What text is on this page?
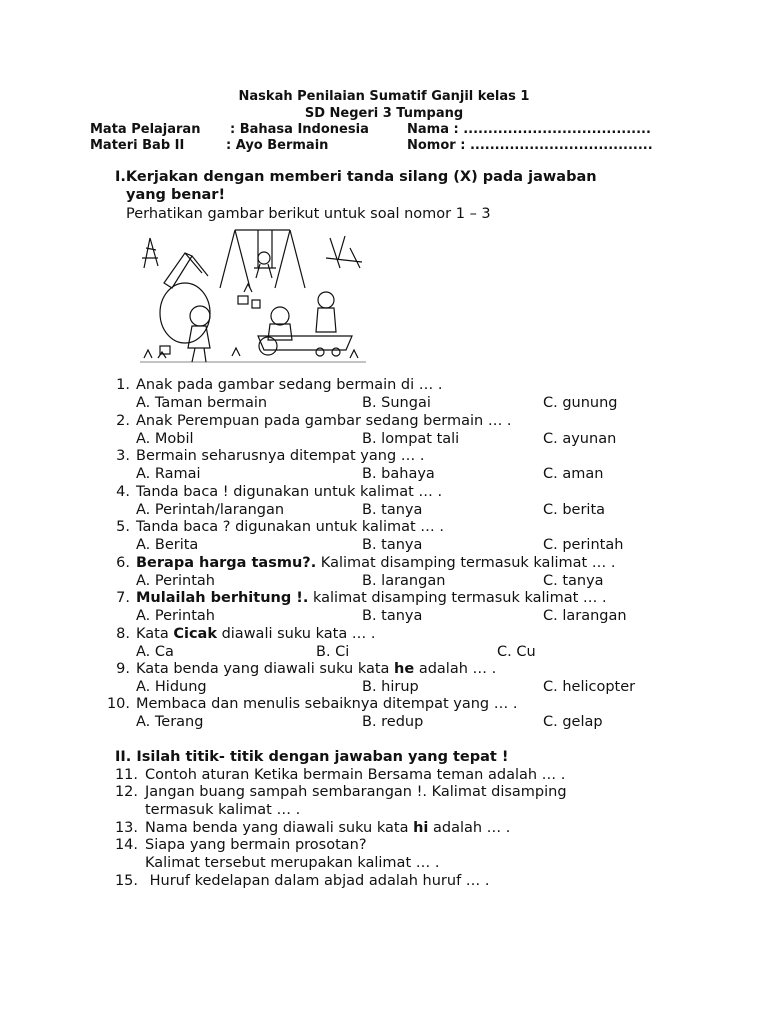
Naskah Penilaian Sumatif Ganjil kelas 1
SD Negeri 3 Tumpang
Mata Pelajaran : Bahasa Indonesia	Nama : ......................................
Materi Bab II	: Ayo Bermain	Nomor : .....................................
I.Kerjakan dengan memberi tanda silang (X) pada jawaban
yang benar!
Perhatikan gambar berikut untuk soal nomor 1 – 3
1. Anak pada gambar sedang bermain di … .
A. Taman bermain	B. Sungai	C. gunung
2. Anak Perempuan pada gambar sedang bermain … .
A. Mobil	B. lompat tali	C. ayunan
3. Bermain seharusnya ditempat yang … .
A. Ramai	B. bahaya	C. aman
4. Tanda baca ! digunakan untuk kalimat … .
A. Perintah/larangan	B. tanya	C. berita
5. Tanda baca ? digunakan untuk kalimat … .
A. Berita	B. tanya	C. perintah
6. Berapa harga tasmu?. Kalimat disamping termasuk kalimat … .
A. Perintah	B. larangan	C. tanya
7. Mulailah berhitung !. kalimat disamping termasuk kalimat … .
A. Perintah	B. tanya	C. larangan
8. Kata Cicak diawali suku kata … .
A. Ca	B. Ci	C. Cu
9. Kata benda yang diawali suku kata he adalah … .
A. Hidung	B. hirup	C. helicopter
10. Membaca dan menulis sebaiknya ditempat yang … .
A. Terang	B. redup	C. gelap
II. Isilah titik- titik dengan jawaban yang tepat !
11. Contoh aturan Ketika bermain Bersama teman adalah … .
12. Jangan buang sampah sembarangan !. Kalimat disamping
termasuk kalimat … .
13. Nama benda yang diawali suku kata hi adalah … .
14. Siapa yang bermain prosotan?
Kalimat tersebut merupakan kalimat … .
15. Huruf kedelapan dalam abjad adalah huruf … .
